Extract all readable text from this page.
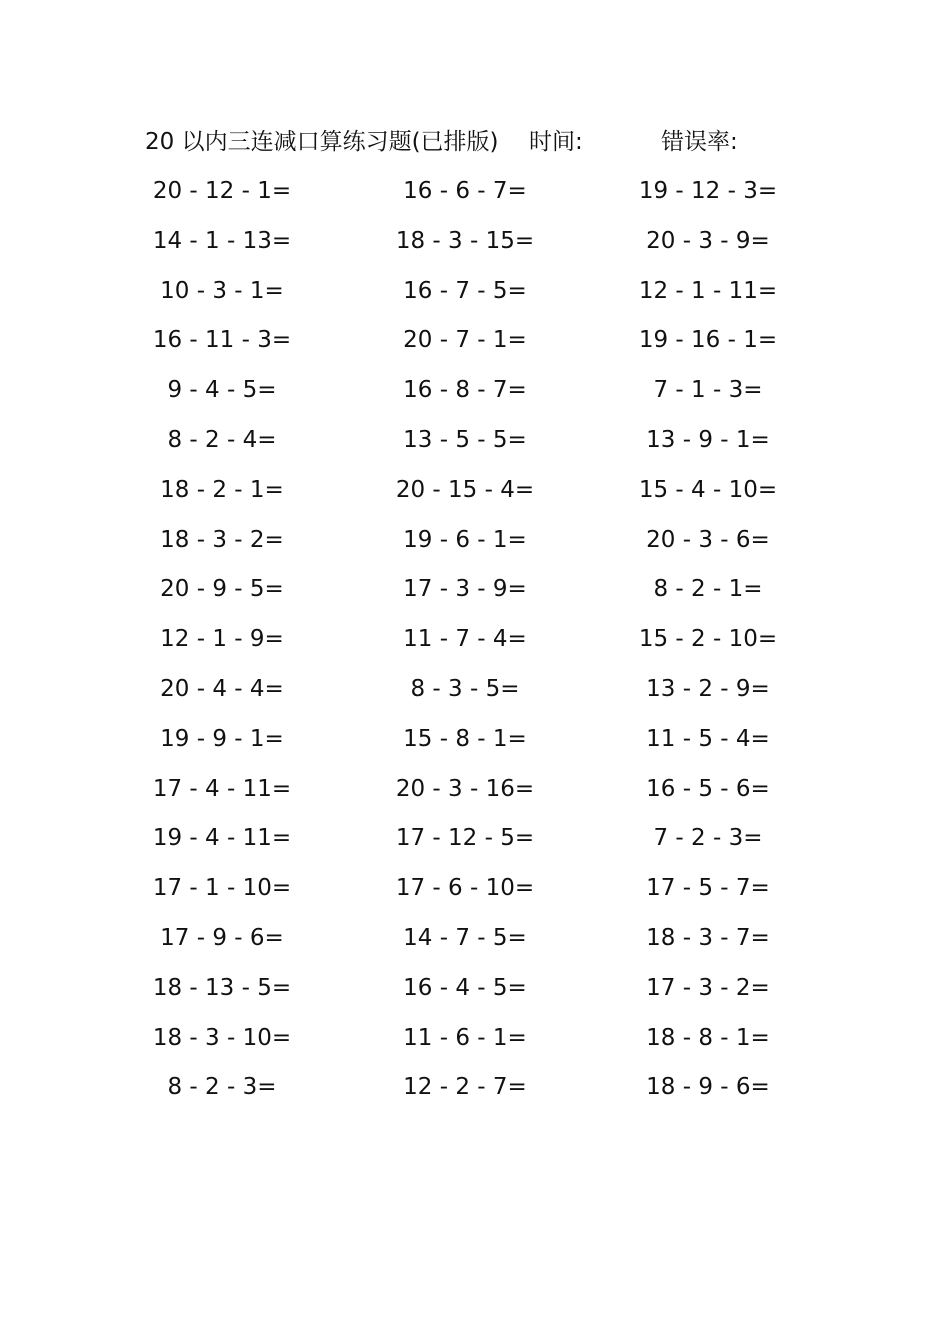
20 以内三连减口算练习题(已排版) 时间:	错误率:
20 - 12 - 1=	16 - 6 - 7=	19 - 12 - 3=
14 - 1 - 13=	18 - 3 - 15=	20 - 3 - 9=
10 - 3 - 1=	16 - 7 - 5=	12 - 1 - 11=
16 - 11 - 3=	20 - 7 - 1=	19 - 16 - 1=
9 - 4 - 5=	16 - 8 - 7=	7 - 1 - 3=
8 - 2 - 4=	13 - 5 - 5=	13 - 9 - 1=
18 - 2 - 1=	20 - 15 - 4=	15 - 4 - 10=
18 - 3 - 2=	19 - 6 - 1=	20 - 3 - 6=
20 - 9 - 5=	17 - 3 - 9=	8 - 2 - 1=
12 - 1 - 9=	11 - 7 - 4=	15 - 2 - 10=
20 - 4 - 4=	8 - 3 - 5=	13 - 2 - 9=
19 - 9 - 1=	15 - 8 - 1=	11 - 5 - 4=
17 - 4 - 11=	20 - 3 - 16=	16 - 5 - 6=
19 - 4 - 11=	17 - 12 - 5=	7 - 2 - 3=
17 - 1 - 10=	17 - 6 - 10=	17 - 5 - 7=
17 - 9 - 6=	14 - 7 - 5=	18 - 3 - 7=
18 - 13 - 5=	16 - 4 - 5=	17 - 3 - 2=
18 - 3 - 10=	11 - 6 - 1=	18 - 8 - 1=
8 - 2 - 3=	12 - 2 - 7=	18 - 9 - 6=
